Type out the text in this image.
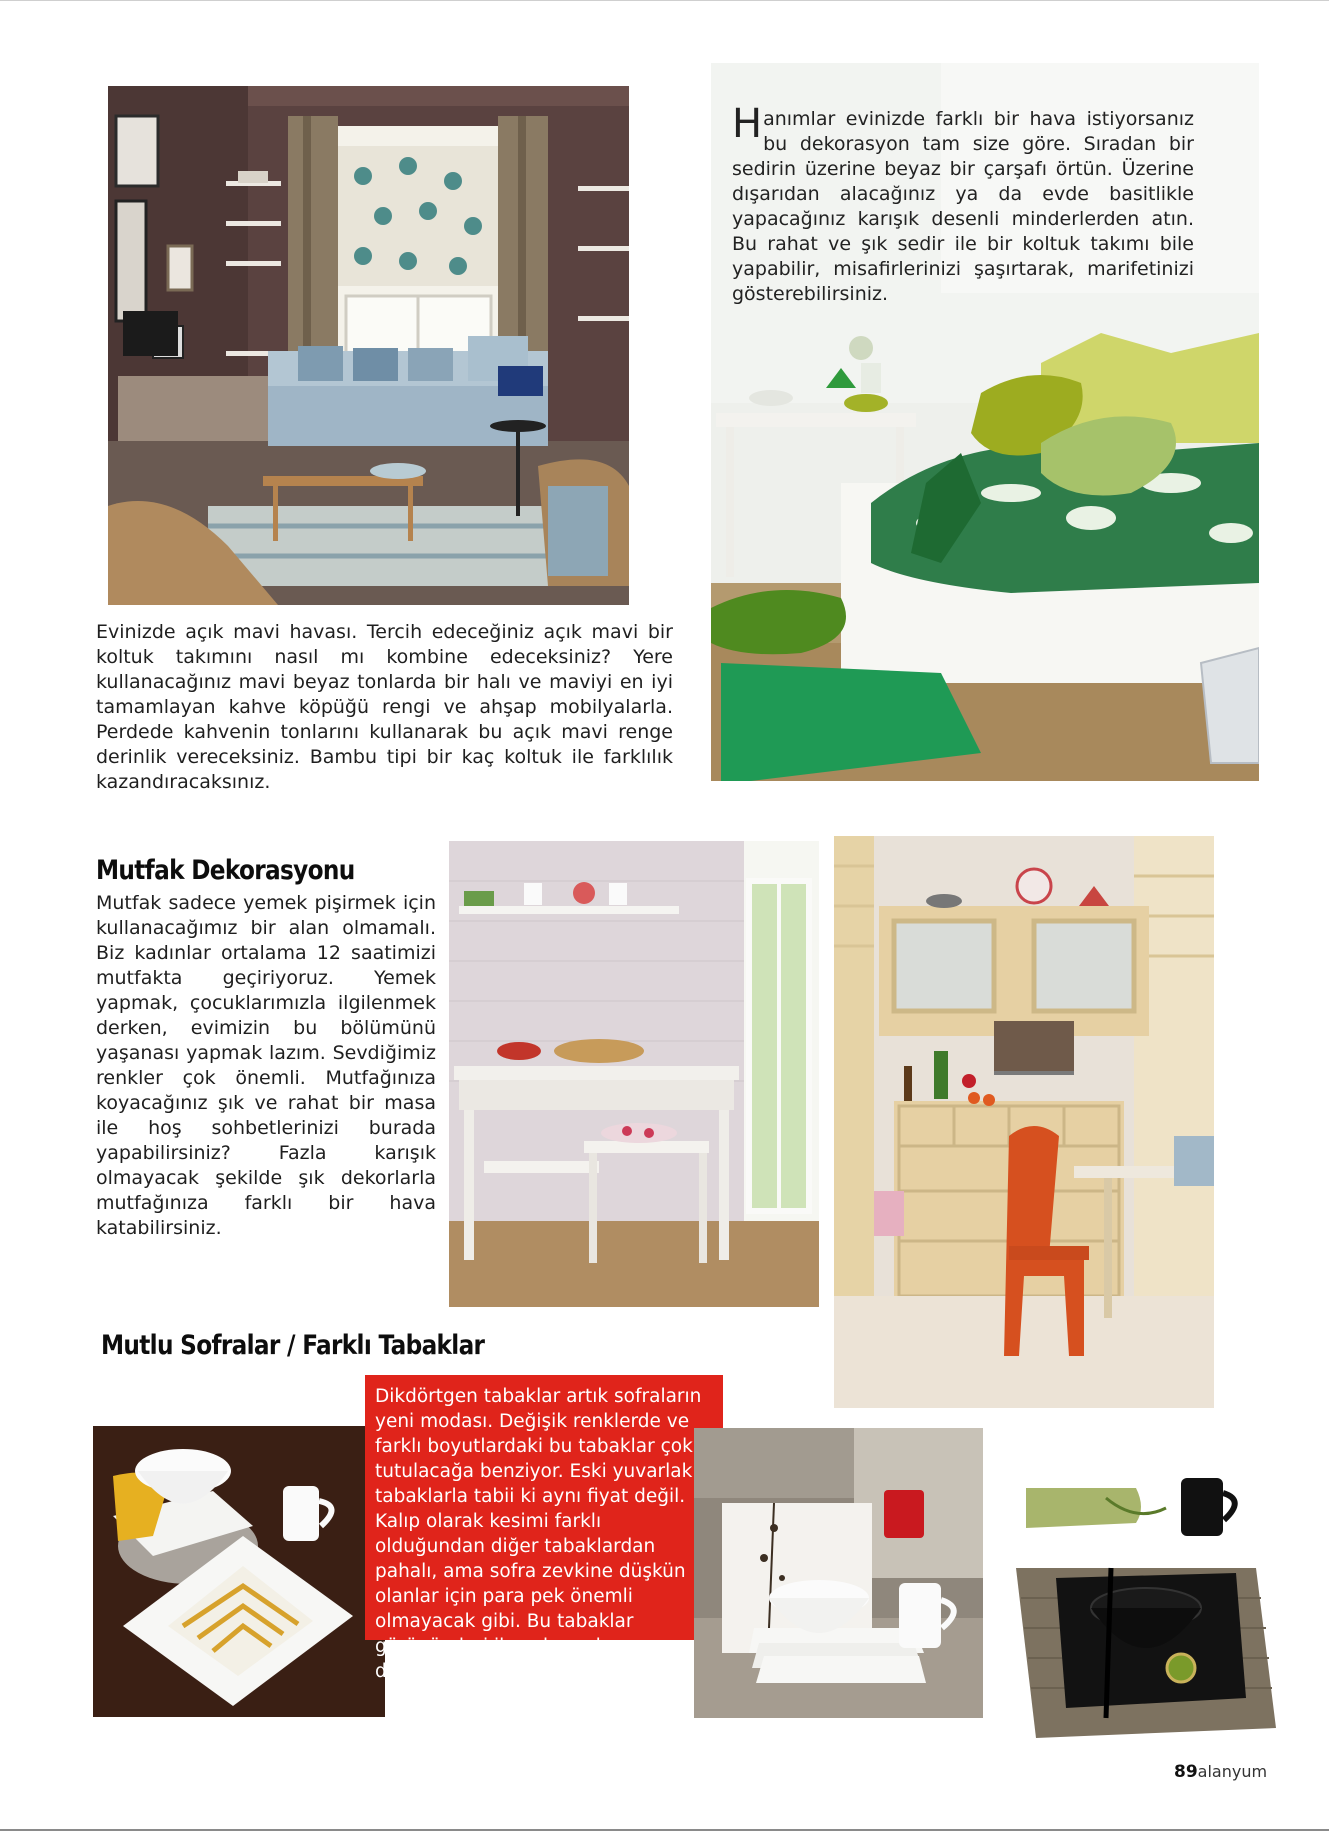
Hanımlar evinizde farklı bir hava istiyorsanız bu dekorasyon tam size göre. Sıradan bir sedirin üzerine beyaz bir çarşafı örtün. Üzerine dışarıdan alacağınız ya da evde basitlikle yapacağınız karışık desenli minderlerden atın. Bu rahat ve şık sedir ile bir koltuk takımı bile yapabilir, misafirlerinizi şaşırtarak, marifetinizi gösterebilirsiniz.

Evinizde açık mavi havası. Tercih edeceğiniz açık mavi bir koltuk takımını nasıl mı kombine edeceksiniz? Yere kullanacağınız mavi beyaz tonlarda bir halı ve maviyi en iyi tamamlayan kahve köpüğü rengi ve ahşap mobilyalarla. Perdede kahvenin tonlarını kullanarak bu açık mavi renge derinlik vereceksiniz. Bambu tipi bir kaç koltuk ile farklılık kazandıracaksınız.

Mutfak Dekorasyonu

Mutfak sadece yemek pişirmek için kullanacağımız bir alan olmamalı. Biz kadınlar ortalama 12 saatimizi mutfakta geçiriyoruz. Yemek yapmak, çocuklarımızla ilgilenmek derken, evimizin bu bölümünü yaşanası yapmak lazım. Sevdiğimiz renkler çok önemli. Mutfağınıza koyacağınız şık ve rahat bir masa ile hoş sohbetlerinizi burada yapabilirsiniz? Fazla karışık olmayacak şekilde şık dekorlarla mutfağınıza farklı bir hava katabilirsiniz.

Mutlu Sofralar / Farklı Tabaklar

Dikdörtgen tabaklar artık sofraların yeni modası. Değişik renklerde ve farklı boyutlardaki bu tabaklar çok tutulacağa benziyor. Eski yuvarlak tabaklarla tabii ki aynı fiyat değil. Kalıp olarak kesimi farklı olduğundan diğer tabaklardan pahalı, ama sofra zevkine düşkün olanlar için para pek önemli olmayacak gibi. Bu tabaklar görünümleri ile çok modern duruyor.

89alanyum
